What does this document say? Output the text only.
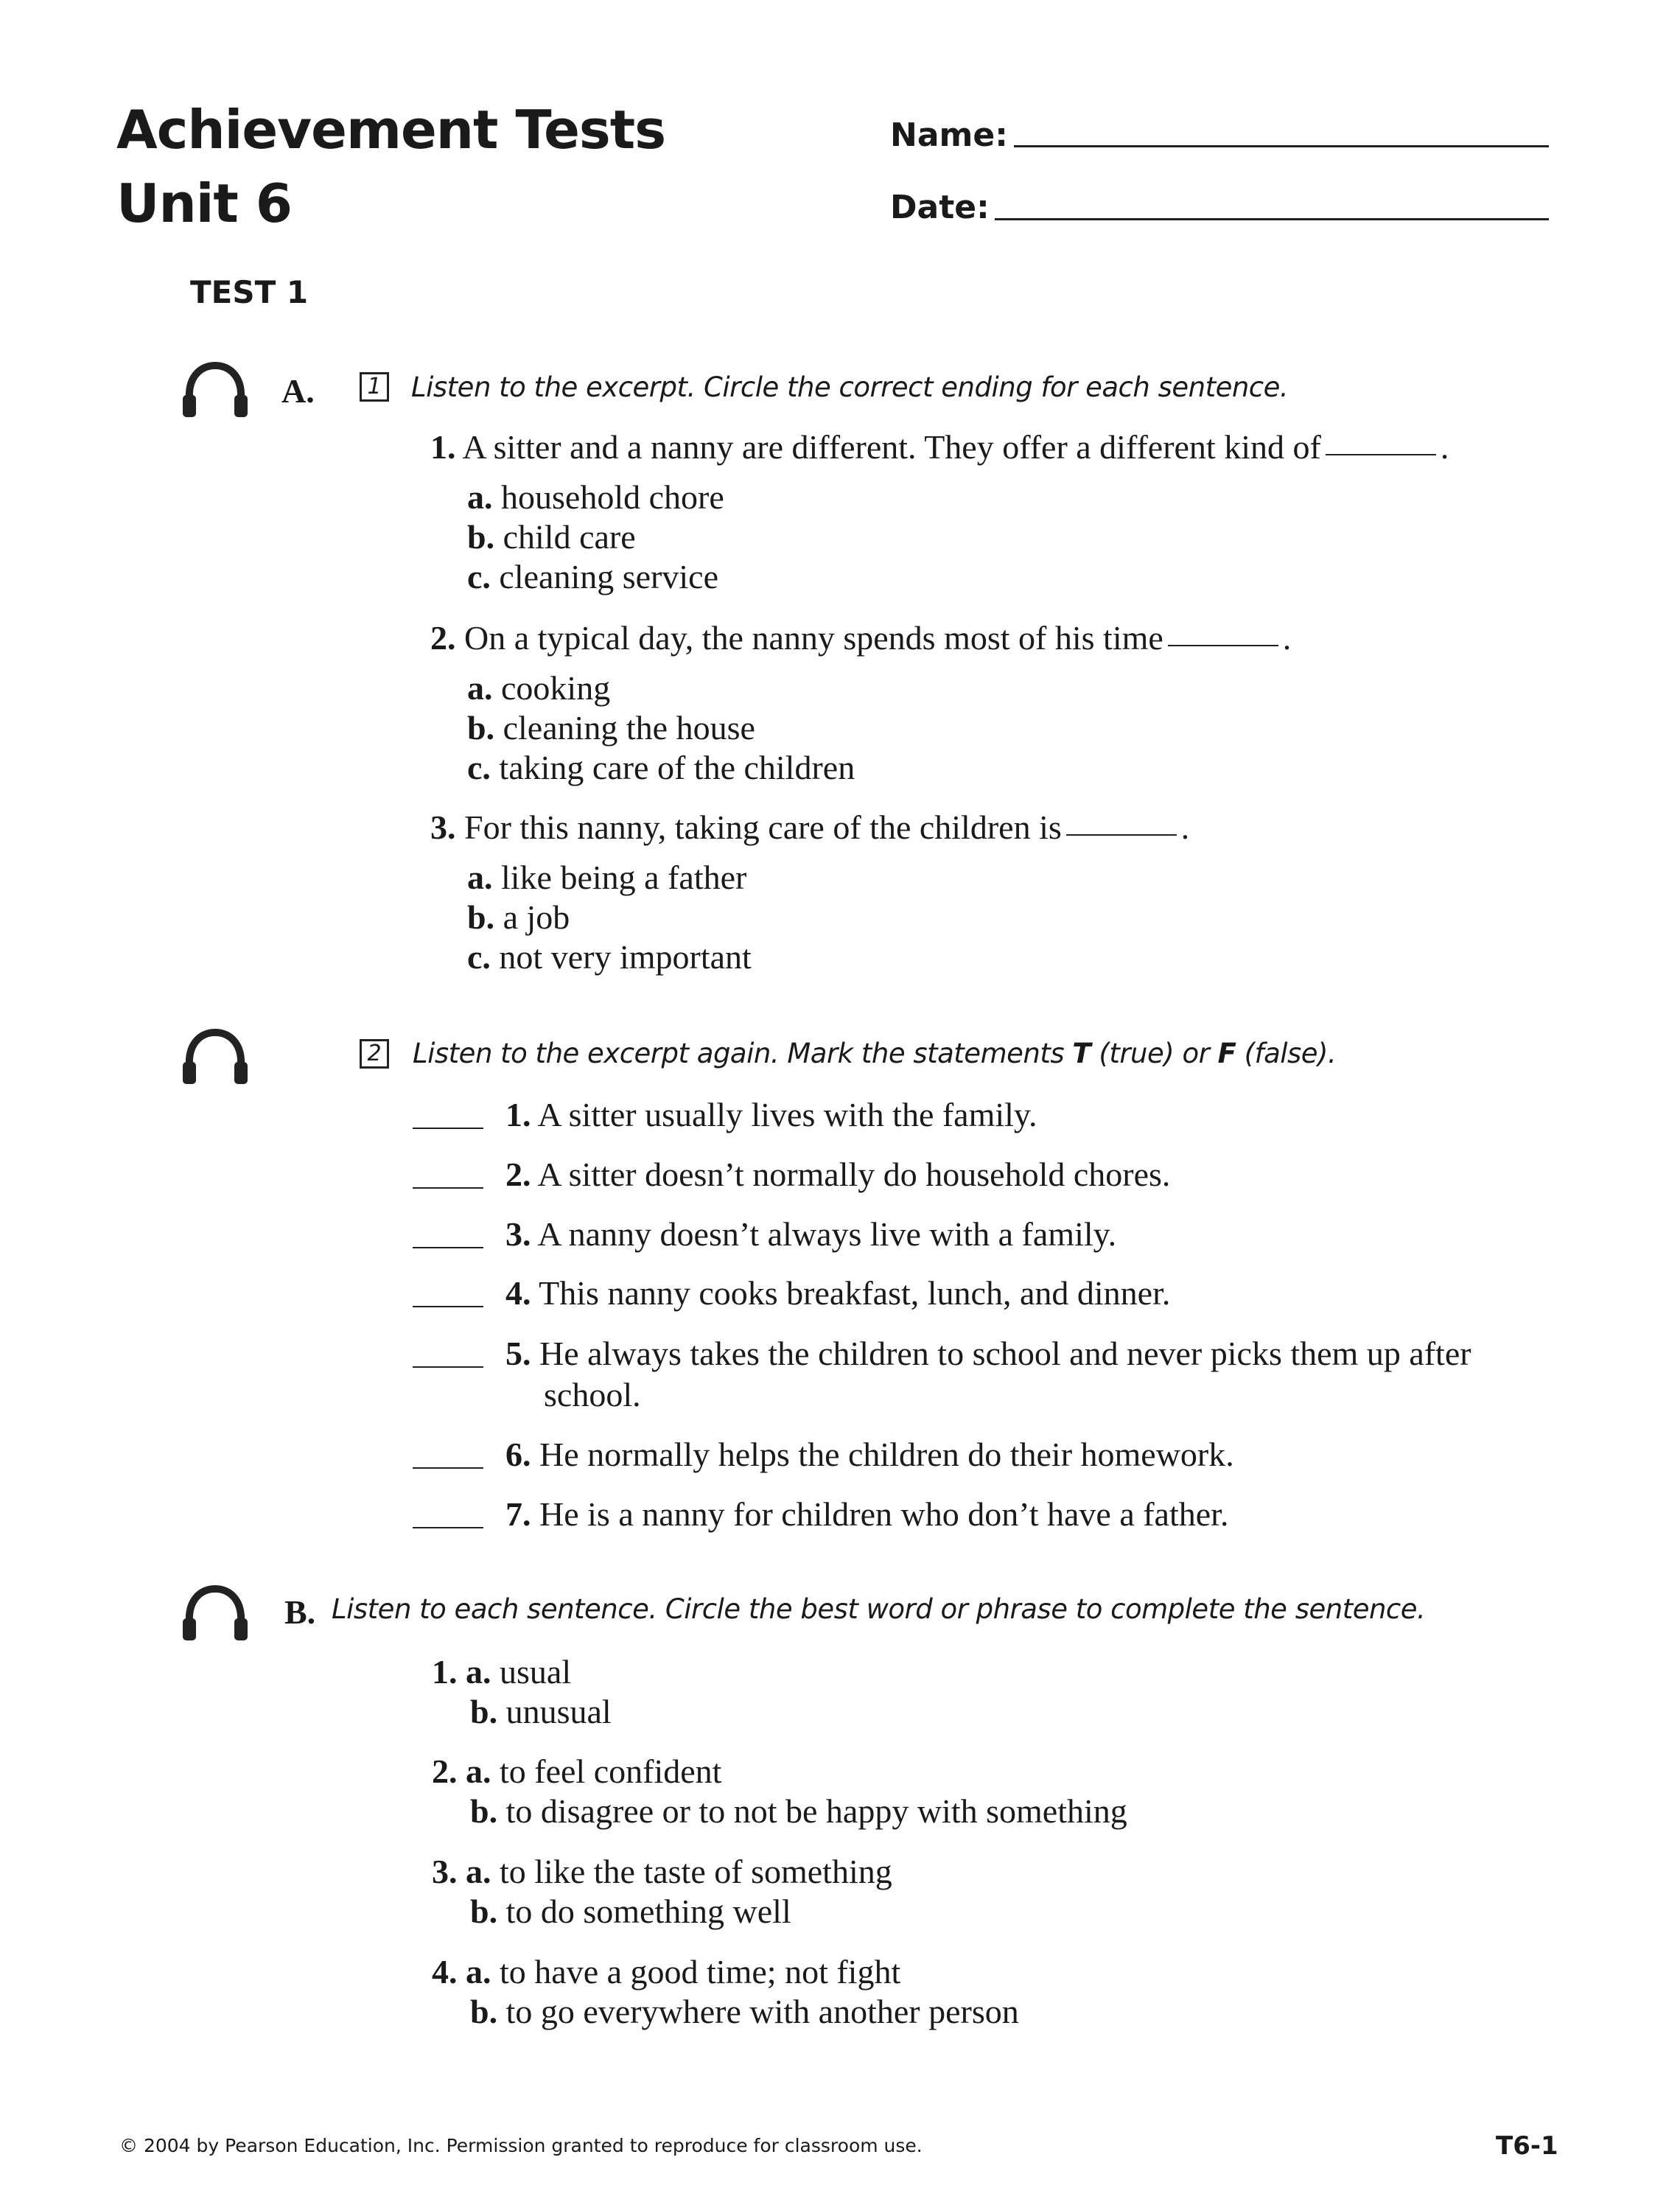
Achievement Tests
Unit 6
Name:
Date:
TEST 1
A.	1 Listen to the excerpt. Circle the correct ending for each sentence.
1. A sitter and a nanny are different. They offer a different kind of	.
a. household chore
b. child care
c. cleaning service
2. On a typical day, the nanny spends most of his time	.
a. cooking
b. cleaning the house
c. taking care of the children
3. For this nanny, taking care of the children is	.
a. like being a father
b. a job
c. not very important
2 Listen to the excerpt again. Mark the statements T (true) or F (false).
1. A sitter usually lives with the family.
2. A sitter doesn’t normally do household chores.
3. A nanny doesn’t always live with a family.
4. This nanny cooks breakfast, lunch, and dinner.
5. He always takes the children to school and never picks them up after
school.
6. He normally helps the children do their homework.
7. He is a nanny for children who don’t have a father.
B. Listen to each sentence. Circle the best word or phrase to complete the sentence.
1. a. usual
b. unusual
2. a. to feel confident
b. to disagree or to not be happy with something
3. a. to like the taste of something
b. to do something well
4. a. to have a good time; not fight
b. to go everywhere with another person
© 2004 by Pearson Education, Inc. Permission granted to reproduce for classroom use.	T6-1
